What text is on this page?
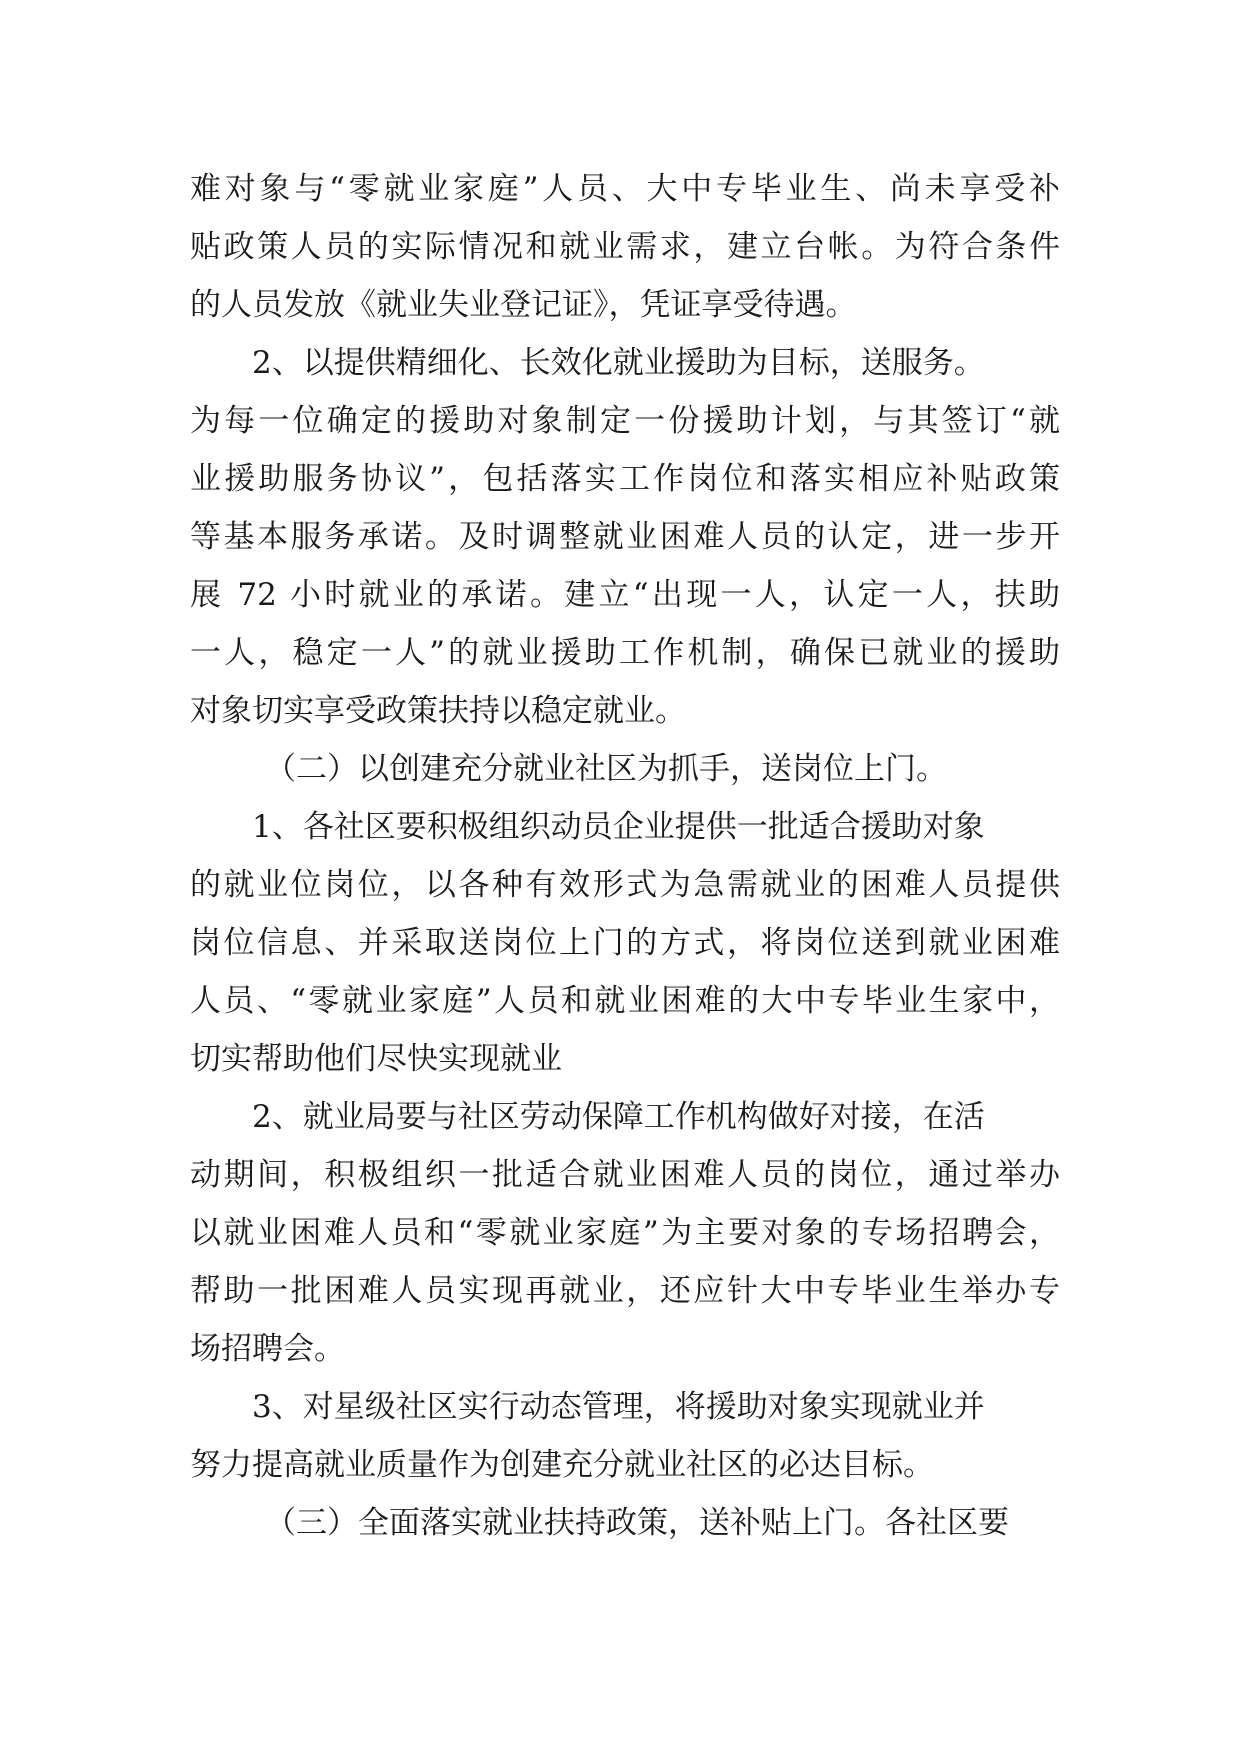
难对象与“零就业家庭”人员、大中专毕业生、尚未享受补
贴政策人员的实际情况和就业需求，建立台帐。为符合条件
的人员发放《就业失业登记证》，凭证享受待遇。
2、以提供精细化、长效化就业援助为目标，送服务。
为每一位确定的援助对象制定一份援助计划，与其签订“就
业援助服务协议”，包括落实工作岗位和落实相应补贴政策
等基本服务承诺。及时调整就业困难人员的认定，进一步开
展 72 小时就业的承诺。建立“出现一人，认定一人，扶助
一人，稳定一人”的就业援助工作机制，确保已就业的援助
对象切实享受政策扶持以稳定就业。
（二）以创建充分就业社区为抓手，送岗位上门。
1、各社区要积极组织动员企业提供一批适合援助对象
的就业位岗位，以各种有效形式为急需就业的困难人员提供
岗位信息、并采取送岗位上门的方式，将岗位送到就业困难
人员、“零就业家庭”人员和就业困难的大中专毕业生家中，
切实帮助他们尽快实现就业
2、就业局要与社区劳动保障工作机构做好对接，在活
动期间，积极组织一批适合就业困难人员的岗位，通过举办
以就业困难人员和“零就业家庭”为主要对象的专场招聘会，
帮助一批困难人员实现再就业，还应针大中专毕业生举办专
场招聘会。
3、对星级社区实行动态管理，将援助对象实现就业并
努力提高就业质量作为创建充分就业社区的必达目标。
（三）全面落实就业扶持政策，送补贴上门。各社区要
